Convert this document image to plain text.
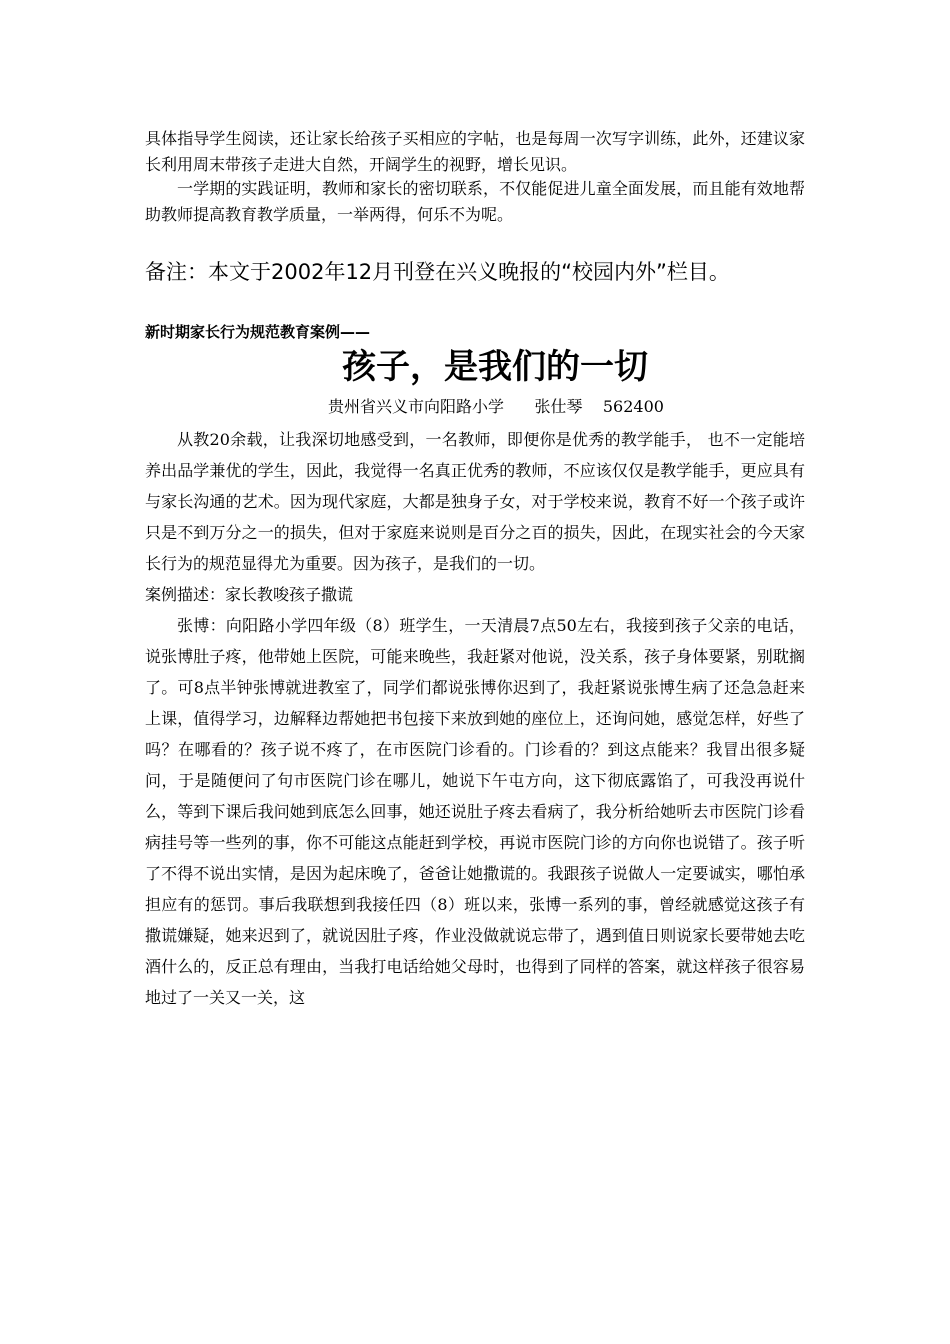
具体指导学生阅读，还让家长给孩子买相应的字帖，也是每周一次写字训练，此外，还建议家长利用周末带孩子走进大自然，开阔学生的视野，增长见识。

一学期的实践证明，教师和家长的密切联系，不仅能促进儿童全面发展，而且能有效地帮助教师提高教育教学质量，一举两得，何乐不为呢。

备注：本文于2002年12月刊登在兴义晚报的“校园内外”栏目。

新时期家长行为规范教育案例——

孩子，是我们的一切

贵州省兴义市向阳路小学      张仕琴    562400

从教20余载，让我深切地感受到，一名教师，即便你是优秀的教学能手， 也不一定能培养出品学兼优的学生，因此，我觉得一名真正优秀的教师，不应该仅仅是教学能手，更应具有与家长沟通的艺术。因为现代家庭，大都是独身子女，对于学校来说，教育不好一个孩子或许只是不到万分之一的损失，但对于家庭来说则是百分之百的损失，因此，在现实社会的今天家长行为的规范显得尤为重要。因为孩子，是我们的一切。

案例描述：家长教唆孩子撒谎

张博：向阳路小学四年级（8）班学生，一天清晨7点50左右，我接到孩子父亲的电话，说张博肚子疼，他带她上医院，可能来晚些，我赶紧对他说，没关系，孩子身体要紧，别耽搁了。可8点半钟张博就进教室了，同学们都说张博你迟到了，我赶紧说张博生病了还急急赶来上课，值得学习，边解释边帮她把书包接下来放到她的座位上，还询问她，感觉怎样，好些了吗？在哪看的？孩子说不疼了，在市医院门诊看的。门诊看的？到这点能来？我冒出很多疑问，于是随便问了句市医院门诊在哪儿，她说下午屯方向，这下彻底露馅了，可我没再说什么，等到下课后我问她到底怎么回事，她还说肚子疼去看病了，我分析给她听去市医院门诊看病挂号等一些列的事，你不可能这点能赶到学校，再说市医院门诊的方向你也说错了。孩子听了不得不说出实情，是因为起床晚了，爸爸让她撒谎的。我跟孩子说做人一定要诚实，哪怕承担应有的惩罚。事后我联想到我接任四（8）班以来，张博一系列的事，曾经就感觉这孩子有撒谎嫌疑，她来迟到了，就说因肚子疼，作业没做就说忘带了，遇到值日则说家长要带她去吃酒什么的，反正总有理由，当我打电话给她父母时，也得到了同样的答案，就这样孩子很容易地过了一关又一关，这
